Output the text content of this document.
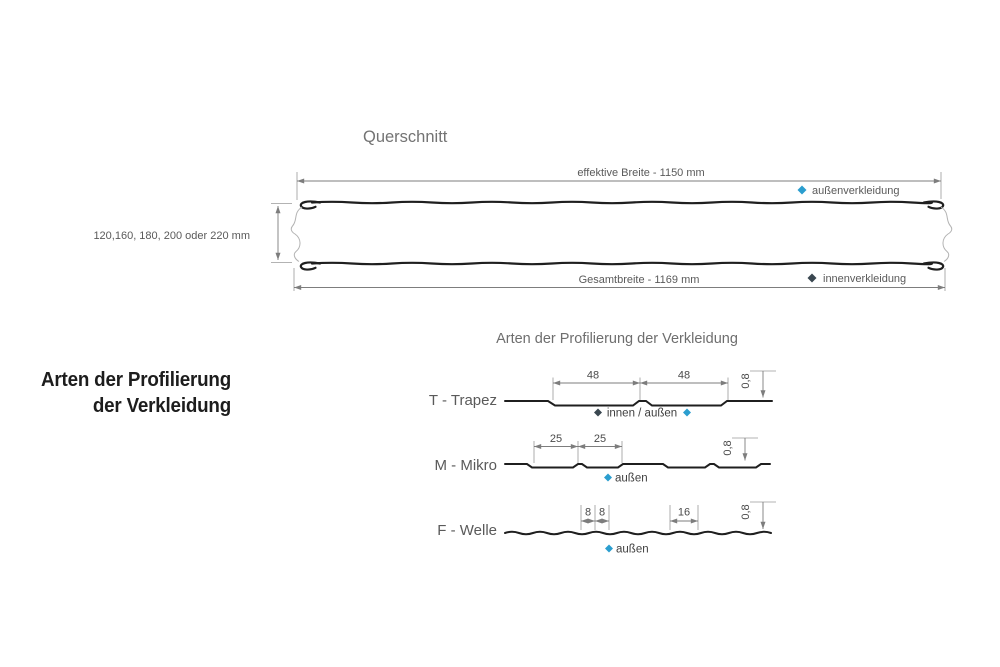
Querschnitt
effektive Breite - 1150 mm
außenverkleidung
Gesamtbreite - 1169 mm	innenverkleidung
120,160, 180, 200 oder 220 mm
Arten der Profilierung der Verkleidung
Arten der Profilierung
der Verkleidung	T - Trapez
48	48	0,8
innen / außen
M - Mikro
25	25
0,8
außen
F - Welle
8 8	16	0,8
außen
